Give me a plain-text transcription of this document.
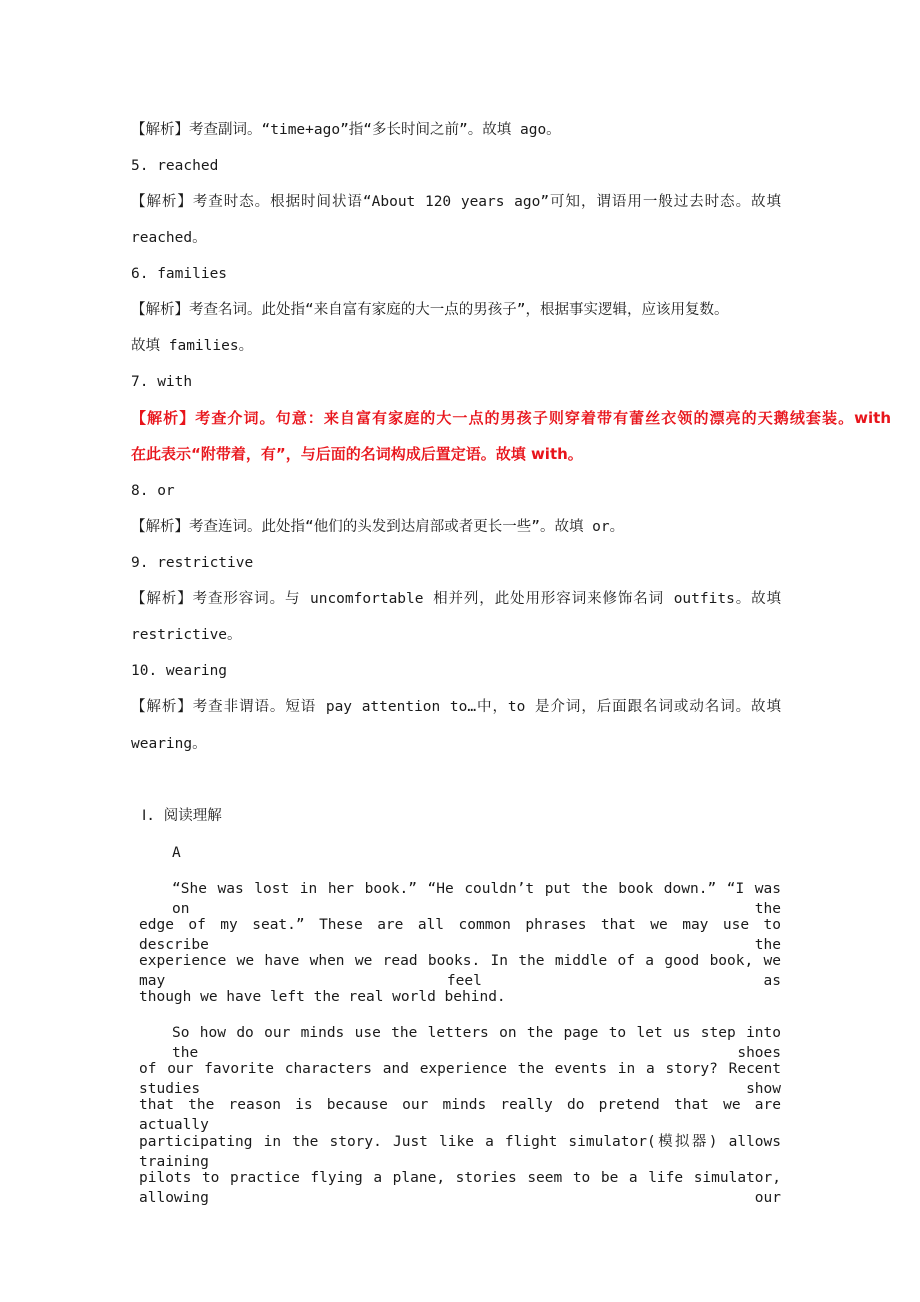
【解析】考查副词。“time+ago”指“多长时间之前”。故填 ago。
5. reached
【解析】考查时态。根据时间状语“About 120 years ago”可知，谓语用一般过去时态。故填
reached。
6. families
【解析】考查名词。此处指“来自富有家庭的大一点的男孩子”，根据事实逻辑，应该用复数。
故填 families。
7. with
【解析】考查介词。句意：来自富有家庭的大一点的男孩子则穿着带有蕾丝衣领的漂亮的天鹅绒套装。with
在此表示“附带着，有”，与后面的名词构成后置定语。故填 with。
8. or
【解析】考查连词。此处指“他们的头发到达肩部或者更长一些”。故填 or。
9. restrictive
【解析】考查形容词。与 uncomfortable 相并列，此处用形容词来修饰名词 outfits。故填
restrictive。
10. wearing
【解析】考查非谓语。短语 pay attention to…中，to 是介词，后面跟名词或动名词。故填
wearing。
Ⅰ. 阅读理解
A
“She was lost in her book.” “He couldn’t put the book down.” “I was on the
edge of my seat.” These are all common phrases that we may use to describe the
experience we have when we read books. In the middle of a good book, we may feel as
though we have left the real world behind.
So how do our minds use the letters on the page to let us step into the shoes
of our favorite characters and experience the events in a story? Recent studies show
that the reason is because our minds really do pretend that we are actually
participating in the story. Just like a flight simulator(模拟器) allows training
pilots to practice flying a plane, stories seem to be a life simulator, allowing our
